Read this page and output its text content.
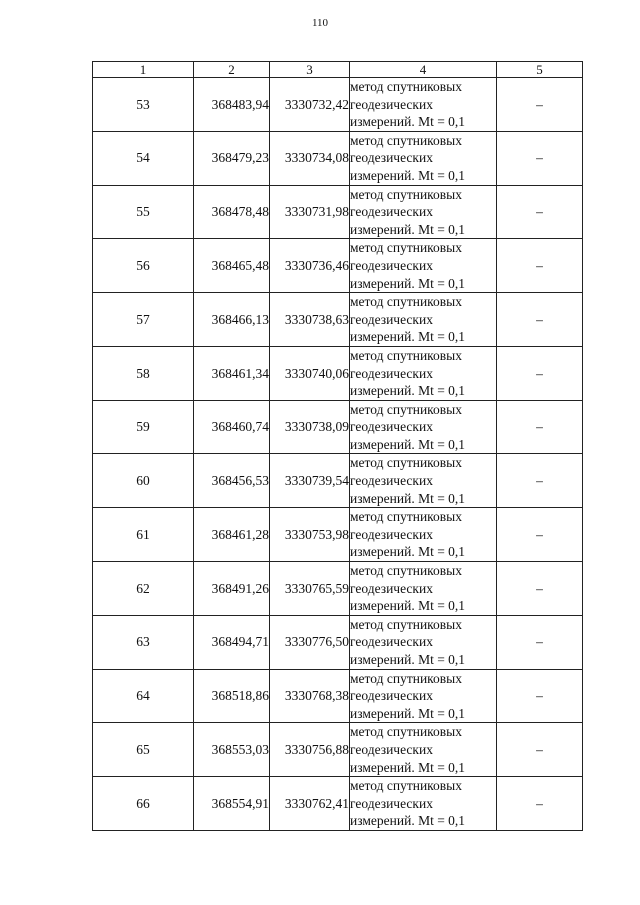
110
1	2	3	4	5
53	368483,94	3330732,42	метод спутниковых
геодезических
измерений. Mt = 0,1	–
54	368479,23	3330734,08	метод спутниковых
геодезических
измерений. Mt = 0,1	–
55	368478,48	3330731,98	метод спутниковых
геодезических
измерений. Mt = 0,1	–
56	368465,48	3330736,46	метод спутниковых
геодезических
измерений. Mt = 0,1	–
57	368466,13	3330738,63	метод спутниковых
геодезических
измерений. Mt = 0,1	–
58	368461,34	3330740,06	метод спутниковых
геодезических
измерений. Mt = 0,1	–
59	368460,74	3330738,09	метод спутниковых
геодезических
измерений. Mt = 0,1	–
60	368456,53	3330739,54	метод спутниковых
геодезических
измерений. Mt = 0,1	–
61	368461,28	3330753,98	метод спутниковых
геодезических
измерений. Mt = 0,1	–
62	368491,26	3330765,59	метод спутниковых
геодезических
измерений. Mt = 0,1	–
63	368494,71	3330776,50	метод спутниковых
геодезических
измерений. Mt = 0,1	–
64	368518,86	3330768,38	метод спутниковых
геодезических
измерений. Mt = 0,1	–
65	368553,03	3330756,88	метод спутниковых
геодезических
измерений. Mt = 0,1	–
66	368554,91	3330762,41	метод спутниковых
геодезических
измерений. Mt = 0,1	–
